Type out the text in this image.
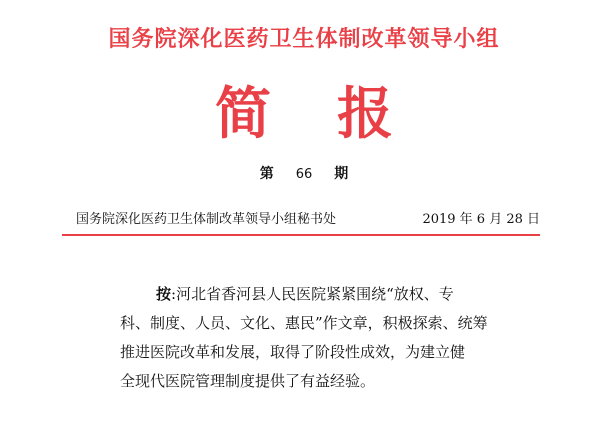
国务院深化医药卫生体制改革领导小组
简 报
第 66 期
国务院深化医药卫生体制改革领导小组秘书处	2019 年 6 月 28 日
按:河北省香河县人民医院紧紧围绕“放权、专
科、制度、人员、文化、惠民”作文章，积极探索、统筹
推进医院改革和发展，取得了阶段性成效，为建立健
全现代医院管理制度提供了有益经验。
